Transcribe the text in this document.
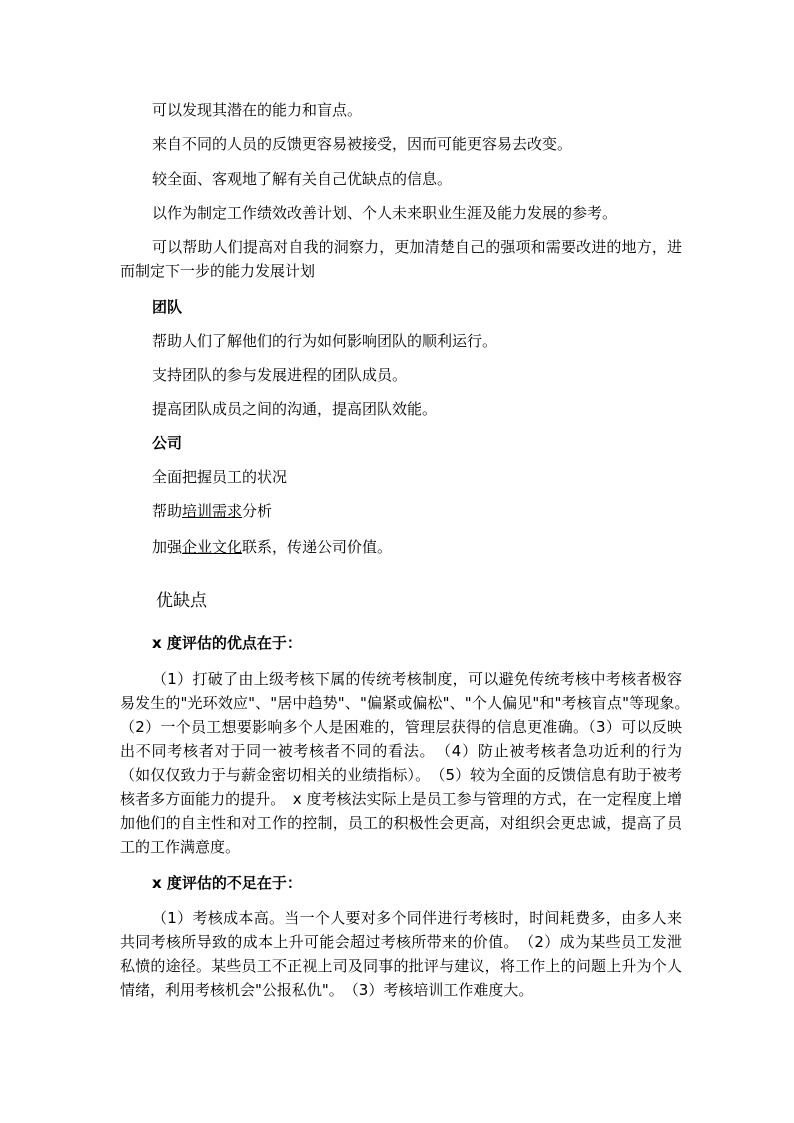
可以发现其潜在的能力和盲点。
来自不同的人员的反馈更容易被接受，因而可能更容易去改变。
较全面、客观地了解有关自己优缺点的信息。
以作为制定工作绩效改善计划、个人未来职业生涯及能力发展的参考。
可以帮助人们提高对自我的洞察力，更加清楚自己的强项和需要改进的地方，进而制定下一步的能力发展计划
团队
帮助人们了解他们的行为如何影响团队的顺利运行。
支持团队的参与发展进程的团队成员。
提高团队成员之间的沟通，提高团队效能。
公司
全面把握员工的状况
帮助培训需求分析
加强企业文化联系，传递公司价值。
优缺点
x 度评估的优点在于：
（1）打破了由上级考核下属的传统考核制度，可以避免传统考核中考核者极容易发生的"光环效应"、"居中趋势"、"偏紧或偏松"、"个人偏见"和"考核盲点"等现象。　（2）一个员工想要影响多个人是困难的，管理层获得的信息更准确。（3）可以反映出不同考核者对于同一被考核者不同的看法。　（4）防止被考核者急功近利的行为（如仅仅致力于与薪金密切相关的业绩指标）。　（5）较为全面的反馈信息有助于被考核者多方面能力的提升。　x 度考核法实际上是员工参与管理的方式，在一定程度上增加他们的自主性和对工作的控制，员工的积极性会更高，对组织会更忠诚，提高了员工的工作满意度。
x 度评估的不足在于：
（1）考核成本高。当一个人要对多个同伴进行考核时，时间耗费多，由多人来共同考核所导致的成本上升可能会超过考核所带来的价值。　（2）成为某些员工发泄私愤的途径。某些员工不正视上司及同事的批评与建议，将工作上的问题上升为个人情绪，利用考核机会"公报私仇"。　（3）考核培训工作难度大。
